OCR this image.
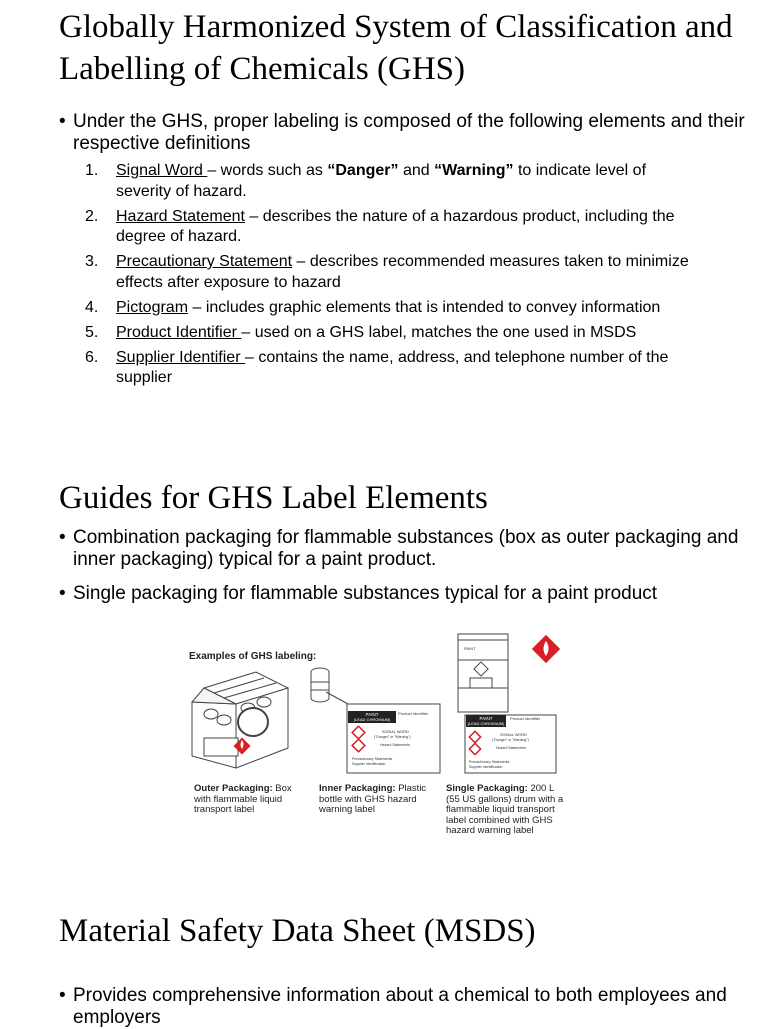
Globally Harmonized System of Classification and Labelling of Chemicals (GHS)
• Under the GHS, proper labeling is composed of the following elements and their respective definitions
1. Signal Word – words such as “Danger” and “Warning” to indicate level of severity of hazard.
2. Hazard Statement – describes the nature of a hazardous product, including the degree of hazard.
3. Precautionary Statement – describes recommended measures taken to minimize effects after exposure to hazard
4. Pictogram – includes graphic elements that is intended to convey information
5. Product Identifier – used on a GHS label, matches the one used in MSDS
6. Supplier Identifier – contains the name, address, and telephone number of the supplier
Guides for GHS Label Elements
• Combination packaging for flammable substances (box as outer packaging and inner packaging) typical for a paint product.
• Single packaging for flammable substances typical for a paint product
Examples of GHS labeling:
PAINT
(LEAD CHROMIUM)
Product Identifier
SIGNAL WORD
("Danger" or "Warning")
Hazard Statements
Precautionary Statements
Supplier Identification
PAINT
PAINT
(LEAD CHROMIUM)
Product Identifier
SIGNAL WORD
("Danger" or "Warning")
Hazard Statements
Precautionary Statements
Supplier Identification
Outer Packaging: Box with flammable liquid transport label
Inner Packaging: Plastic bottle with GHS hazard warning label
Single Packaging: 200 L (55 US gallons) drum with a flammable liquid transport label combined with GHS hazard warning label
Material Safety Data Sheet (MSDS)
• Provides comprehensive information about a chemical to both employees and employers
